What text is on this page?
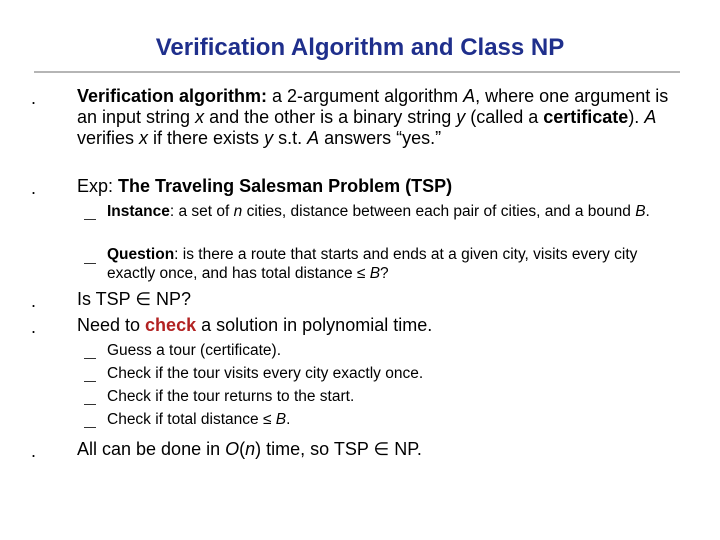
Verification Algorithm and Class NP
. Verification algorithm: a 2-argument algorithm A, where one argument is an input string x and the other is a binary string y (called a certificate). A verifies x if there exists y s.t. A answers “yes.”
. Exp: The Traveling Salesman Problem (TSP)
Instance: a set of n cities, distance between each pair of cities, and a bound B.
Question: is there a route that starts and ends at a given city, visits every city exactly once, and has total distance ≤ B?
. Is TSP ∈ NP?
. Need to check a solution in polynomial time.
Guess a tour (certificate).
Check if the tour visits every city exactly once.
Check if the tour returns to the start.
Check if total distance ≤ B.
. All can be done in O(n) time, so TSP ∈ NP.
